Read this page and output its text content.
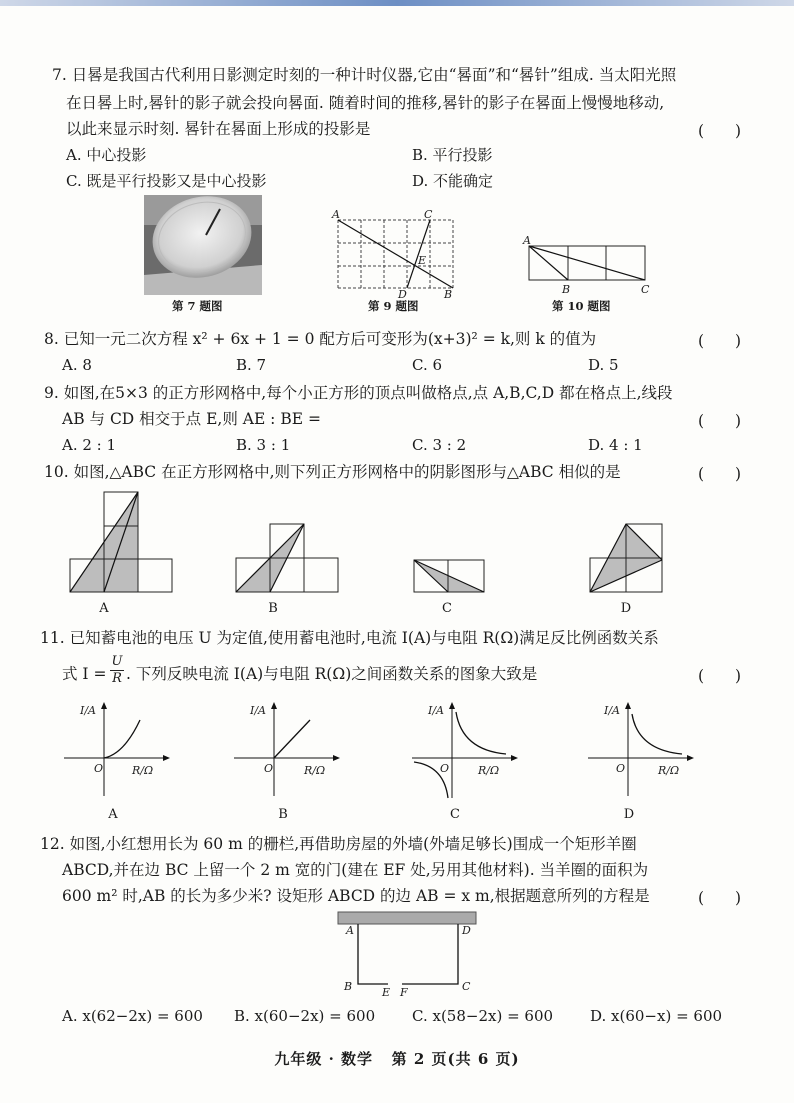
7. 日晷是我国古代利用日影测定时刻的一种计时仪器,它由“晷面”和“晷针”组成. 当太阳光照
在日晷上时,晷针的影子就会投向晷面. 随着时间的推移,晷针的影子在晷面上慢慢地移动,
以此来显示时刻. 晷针在晷面上形成的投影是	(　　)
A. 中心投影	B. 平行投影
C. 既是平行投影又是中心投影	D. 不能确定
第 7 题图
A	C
E
D	B
第 9 题图
A
B	C
第 10 题图
8. 已知一元二次方程 x² + 6x + 1 = 0 配方后可变形为(x+3)² = k,则 k 的值为	(　　)
A. 8	B. 7	C. 6	D. 5
9. 如图,在5×3 的正方形网格中,每个小正方形的顶点叫做格点,点 A,B,C,D 都在格点上,线段
AB 与 CD 相交于点 E,则 AE : BE =	(　　)
A. 2 : 1	B. 3 : 1	C. 3 : 2	D. 4 : 1
10. 如图,△ABC 在正方形网格中,则下列正方形网格中的阴影图形与△ABC 相似的是	(　　)
A	B	C	D
11. 已知蓄电池的电压 U 为定值,使用蓄电池时,电流 I(A)与电阻 R(Ω)满足反比例函数关系
式 $I = \frac{U}{R}$ . 下列反映电流 I(A)与电阻 R(Ω)之间函数关系的图象大致是	(　　)
I/A
O	R/Ω
A
I/A
O	R/Ω
B
I/A
O	R/Ω
C
I/A
O	R/Ω
D
12. 如图,小红想用长为 60 m 的栅栏,再借助房屋的外墙(外墙足够长)围成一个矩形羊圈
ABCD,并在边 BC 上留一个 2 m 宽的门(建在 EF 处,另用其他材料). 当羊圈的面积为
600 m² 时,AB 的长为多少米? 设矩形 ABCD 的边 AB = x m,根据题意所列的方程是	(　　)
A	D
B	C
E F
A. x(62−2x) = 600 B. x(60−2x) = 600 C. x(58−2x) = 600 D. x(60−x) = 600
九年级 · 数学   第 2 页(共 6 页)
